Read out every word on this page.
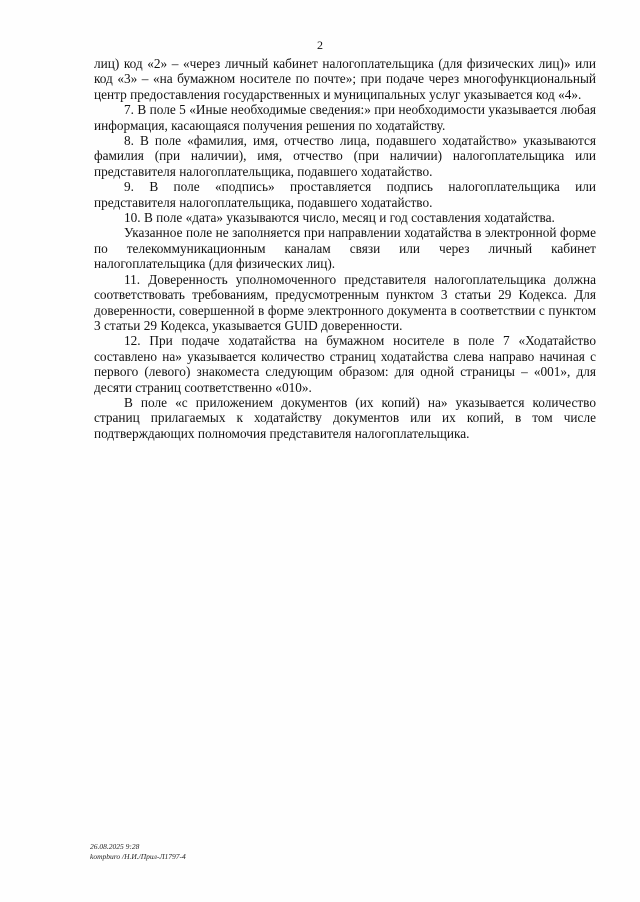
2

лиц) код «2» – «через личный кабинет налогоплательщика (для физических лиц)» или код «3» – «на бумажном носителе по почте»; при подаче через многофункциональный центр предоставления государственных и муниципальных услуг указывается код «4».

7. В поле 5 «Иные необходимые сведения:» при необходимости указывается любая информация, касающаяся получения решения по ходатайству.

8. В поле «фамилия, имя, отчество лица, подавшего ходатайство» указываются фамилия (при наличии), имя, отчество (при наличии) налогоплательщика или представителя налогоплательщика, подавшего ходатайство.

9. В поле «подпись» проставляется подпись налогоплательщика или представителя налогоплательщика, подавшего ходатайство.

10. В поле «дата» указываются число, месяц и год составления ходатайства.

Указанное поле не заполняется при направлении ходатайства в электронной форме по телекоммуникационным каналам связи или через личный кабинет налогоплательщика (для физических лиц).

11. Доверенность уполномоченного представителя налогоплательщика должна соответствовать требованиям, предусмотренным пунктом 3 статьи 29 Кодекса. Для доверенности, совершенной в форме электронного документа в соответствии с пунктом 3 статьи 29 Кодекса, указывается GUID доверенности.

12. При подаче ходатайства на бумажном носителе в поле 7 «Ходатайство составлено на» указывается количество страниц ходатайства слева направо начиная с первого (левого) знакоместа следующим образом: для одной страницы – «001», для десяти страниц соответственно «010».

В поле «с приложением документов (их копий) на» указывается количество страниц прилагаемых к ходатайству документов или их копий, в том числе подтверждающих полномочия представителя налогоплательщика.

26.08.2025 9:28
kompburo /Н.И./Прил-Л1797-4
